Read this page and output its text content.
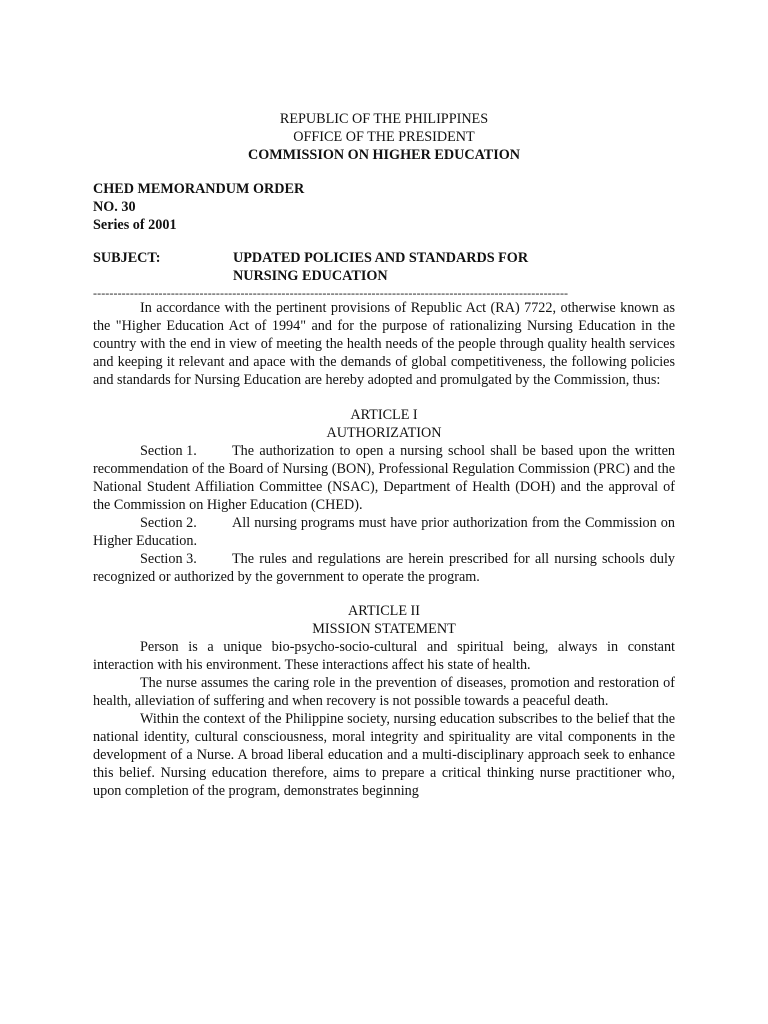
REPUBLIC OF THE PHILIPPINES
OFFICE OF THE PRESIDENT
COMMISSION ON HIGHER EDUCATION
CHED MEMORANDUM ORDER
NO. 30
Series of 2001
SUBJECT:	UPDATED POLICIES AND STANDARDS FOR
NURSING EDUCATION
--------------------------------------------------------------------------------------------------------------------

In accordance with the pertinent provisions of Republic Act (RA) 7722, otherwise known as the "Higher Education Act of 1994" and for the purpose of rationalizing Nursing Education in the country with the end in view of meeting the health needs of the people through quality health services and keeping it relevant and apace with the demands of global competitiveness, the following policies and standards for Nursing Education are hereby adopted and promulgated by the Commission, thus:

ARTICLE I
AUTHORIZATION

Section 1. The authorization to open a nursing school shall be based upon the written recommendation of the Board of Nursing (BON), Professional Regulation Commission (PRC) and the National Student Affiliation Committee (NSAC), Department of Health (DOH) and the approval of the Commission on Higher Education (CHED).

Section 2. All nursing programs must have prior authorization from the Commission on Higher Education.

Section 3. The rules and regulations are herein prescribed for all nursing schools duly recognized or authorized by the government to operate the program.

ARTICLE II
MISSION STATEMENT

Person is a unique bio-psycho-socio-cultural and spiritual being, always in constant interaction with his environment. These interactions affect his state of health.

The nurse assumes the caring role in the prevention of diseases, promotion and restoration of health, alleviation of suffering and when recovery is not possible towards a peaceful death.

Within the context of the Philippine society, nursing education subscribes to the belief that the national identity, cultural consciousness, moral integrity and spirituality are vital components in the development of a Nurse. A broad liberal education and a multi-disciplinary approach seek to enhance this belief. Nursing education therefore, aims to prepare a critical thinking nurse practitioner who, upon completion of the program, demonstrates beginning
